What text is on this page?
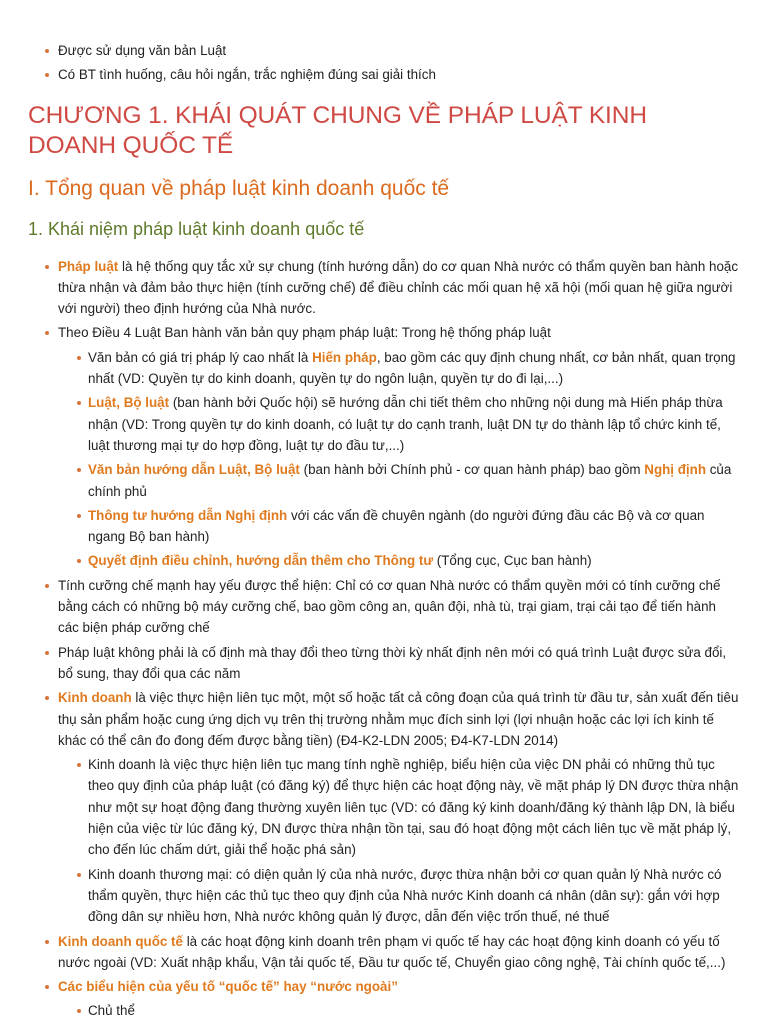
Được sử dụng văn bản Luật
Có BT tình huống, câu hỏi ngắn, trắc nghiệm đúng sai giải thích
CHƯƠNG 1. KHÁI QUÁT CHUNG VỀ PHÁP LUẬT KINH DOANH QUỐC TẾ
I. Tổng quan về pháp luật kinh doanh quốc tế
1. Khái niệm pháp luật kinh doanh quốc tế
Pháp luật là hệ thống quy tắc xử sự chung (tính hướng dẫn) do cơ quan Nhà nước có thẩm quyền ban hành hoặc thừa nhận và đảm bảo thực hiện (tính cưỡng chế) để điều chỉnh các mối quan hệ xã hội (mối quan hệ giữa người với người) theo định hướng của Nhà nước.
Theo Điều 4 Luật Ban hành văn bản quy phạm pháp luật: Trong hệ thống pháp luật
Văn bản có giá trị pháp lý cao nhất là Hiến pháp, bao gồm các quy định chung nhất, cơ bản nhất, quan trọng nhất (VD: Quyền tự do kinh doanh, quyền tự do ngôn luận, quyền tự do đi lại,...)
Luật, Bộ luật (ban hành bởi Quốc hội) sẽ hướng dẫn chi tiết thêm cho những nội dung mà Hiến pháp thừa nhận (VD: Trong quyền tự do kinh doanh, có luật tự do cạnh tranh, luật DN tự do thành lập tổ chức kinh tế, luật thương mại tự do hợp đồng, luật tự do đầu tư,...)
Văn bản hướng dẫn Luật, Bộ luật (ban hành bởi Chính phủ - cơ quan hành pháp) bao gồm Nghị định của chính phủ
Thông tư hướng dẫn Nghị định với các vấn đề chuyên ngành (do người đứng đầu các Bộ và cơ quan ngang Bộ ban hành)
Quyết định điều chỉnh, hướng dẫn thêm cho Thông tư (Tổng cục, Cục ban hành)
Tính cưỡng chế mạnh hay yếu được thể hiện: Chỉ có cơ quan Nhà nước có thẩm quyền mới có tính cưỡng chế bằng cách có những bộ máy cưỡng chế, bao gồm công an, quân đội, nhà tù, trại giam, trại cải tạo để tiến hành các biện pháp cưỡng chế
Pháp luật không phải là cố định mà thay đổi theo từng thời kỳ nhất định nên mới có quá trình Luật được sửa đổi, bổ sung, thay đổi qua các năm
Kinh doanh là việc thực hiện liên tục một, một số hoặc tất cả công đoạn của quá trình từ đầu tư, sản xuất đến tiêu thụ sản phẩm hoặc cung ứng dịch vụ trên thị trường nhằm mục đích sinh lợi (lợi nhuận hoặc các lợi ích kinh tế khác có thể cân đo đong đếm được bằng tiền) (Đ4-K2-LDN 2005; Đ4-K7-LDN 2014)
Kinh doanh là việc thực hiện liên tục mang tính nghề nghiệp, biểu hiện của việc DN phải có những thủ tục theo quy định của pháp luật (có đăng ký) để thực hiện các hoạt động này, về mặt pháp lý DN được thừa nhận như một sự hoạt động đang thường xuyên liên tục (VD: có đăng ký kinh doanh/đăng ký thành lập DN, là biểu hiện của việc từ lúc đăng ký, DN được thừa nhận tồn tại, sau đó hoạt động một cách liên tục về mặt pháp lý, cho đến lúc chấm dứt, giải thể hoặc phá sản)
Kinh doanh thương mại: có diện quản lý của nhà nước, được thừa nhận bởi cơ quan quản lý Nhà nước có thẩm quyền, thực hiện các thủ tục theo quy định của Nhà nước Kinh doanh cá nhân (dân sự): gắn với hợp đồng dân sự nhiều hơn, Nhà nước không quản lý được, dẫn đến việc trốn thuế, né thuế
Kinh doanh quốc tế là các hoạt động kinh doanh trên phạm vi quốc tế hay các hoạt động kinh doanh có yếu tố nước ngoài (VD: Xuất nhập khẩu, Vận tải quốc tế, Đầu tư quốc tế, Chuyển giao công nghệ, Tài chính quốc tế,...)
Các biểu hiện của yếu tố “quốc tế” hay “nước ngoài”
Chủ thể
